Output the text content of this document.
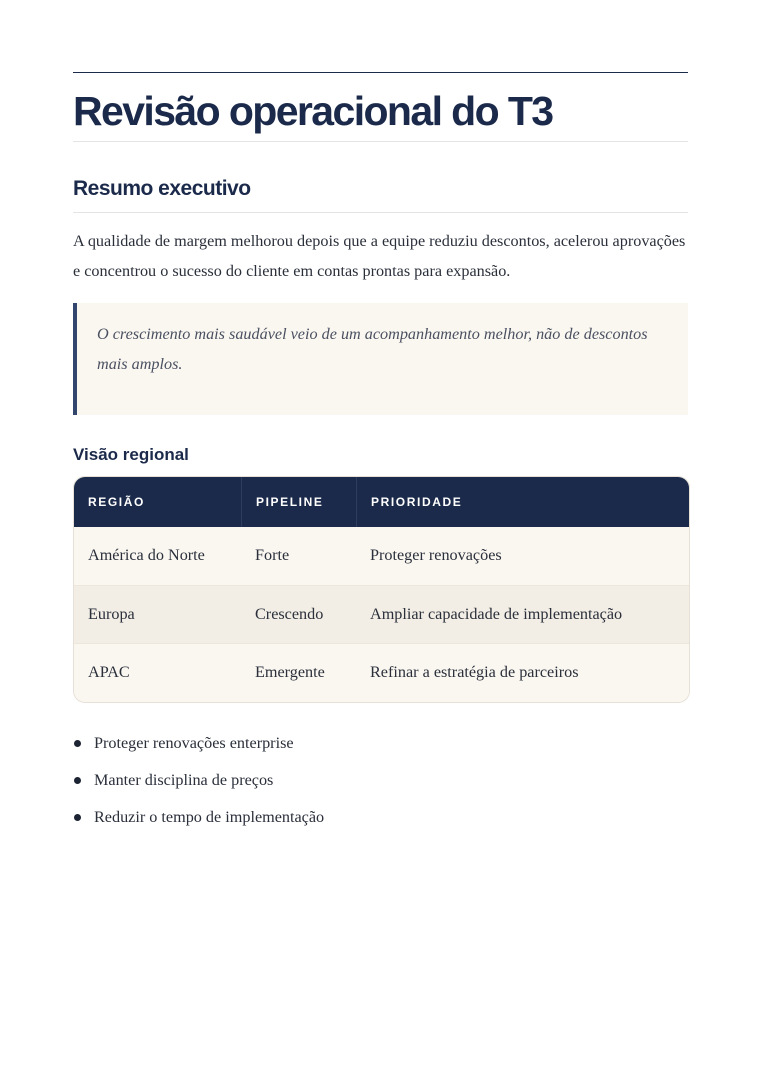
Revisão operacional do T3
Resumo executivo

A qualidade de margem melhorou depois que a equipe reduziu descontos, acelerou aprovações e concentrou o sucesso do cliente em contas prontas para expansão.

O crescimento mais saudável veio de um acompanhamento melhor, não de descontos mais amplos.
Visão regional
REGIÃO	PIPELINE	PRIORIDADE
América do Norte	Forte	Proteger renovações
Europa	Crescendo	Ampliar capacidade de implementação
APAC	Emergente	Refinar a estratégia de parceiros
Proteger renovações enterprise
Manter disciplina de preços
Reduzir o tempo de implementação
